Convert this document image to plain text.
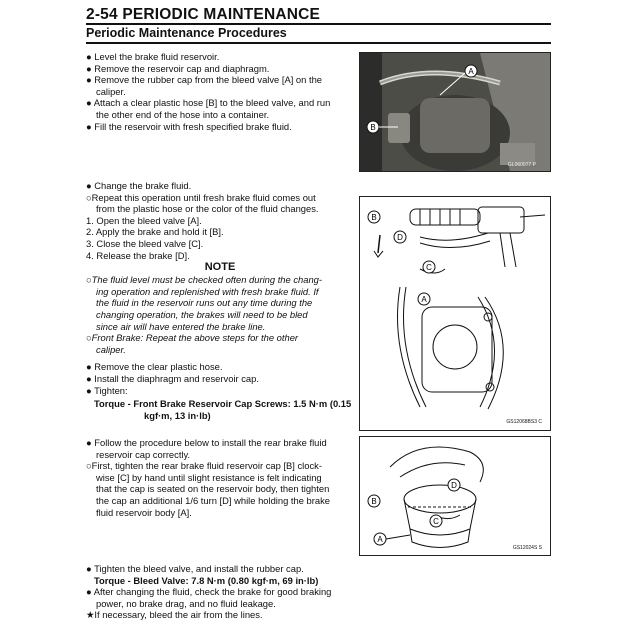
2-54 PERIODIC MAINTENANCE
Periodic Maintenance Procedures
● Level the brake fluid reservoir.
● Remove the reservoir cap and diaphragm.
● Remove the rubber cap from the bleed valve [A] on the
caliper.
● Attach a clear plastic hose [B] to the bleed valve, and run
the other end of the hose into a container.
● Fill the reservoir with fresh specified brake fluid.
● Change the brake fluid.
○Repeat this operation until fresh brake fluid comes out
from the plastic hose or the color of the fluid changes.
1. Open the bleed valve [A].
2. Apply the brake and hold it [B].
3. Close the bleed valve [C].
4. Release the brake [D].
NOTE
○The fluid level must be checked often during the chang-
ing operation and replenished with fresh brake fluid. If
the fluid in the reservoir runs out any time during the
changing operation, the brakes will need to be bled
since air will have entered the brake line.
○Front Brake: Repeat the above steps for the other
caliper.
● Remove the clear plastic hose.
● Install the diaphragm and reservoir cap.
● Tighten:
Torque - Front Brake Reservoir Cap Screws: 1.5 N·m (0.15
kgf·m, 13 in·lb)
● Follow the procedure below to install the rear brake fluid
reservoir cap correctly.
○First, tighten the rear brake fluid reservoir cap [B] clock-
wise [C] by hand until slight resistance is felt indicating
that the cap is seated on the reservoir body, then tighten
the cap an additional 1/6 turn [D] while holding the brake
fluid reservoir body [A].
● Tighten the bleed valve, and install the rubber cap.
Torque - Bleed Valve: 7.8 N·m (0.80 kgf·m, 69 in·lb)
● After changing the fluid, check the brake for good braking
power, no brake drag, and no fluid leakage.
★If necessary, bleed the air from the lines.
A
B
GL060077 P
B
D
C
A
GS12068BS3 C
D
B
C
A
GS12024S S
